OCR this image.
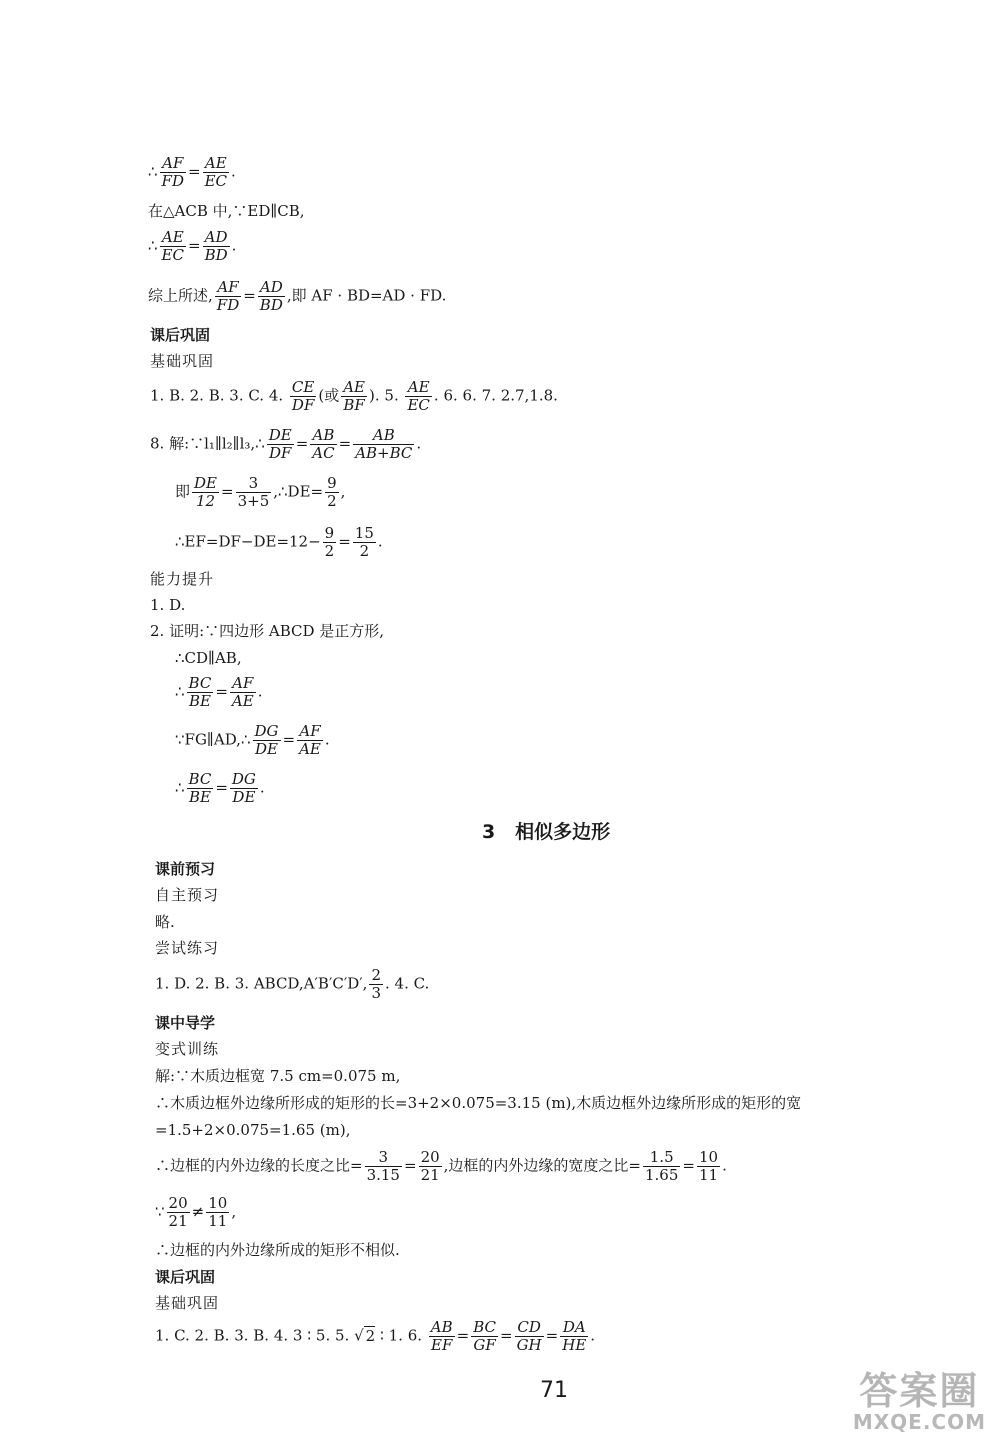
∴ $\frac{AF}{FD} = \frac{AE}{EC}$ .
在△ACB 中,∵ED∥CB,
∴ $\frac{AE}{EC} = \frac{AD}{BD}$ .
综上所述, $\frac{AF}{FD} = \frac{AD}{BD}$ ,即 AF · BD=AD · FD.
课后巩固
基础巩固
1. B. 2. B. 3. C. 4. $\frac{CE}{DF}$ (或 $\frac{AE}{BF}$ ). 5. $\frac{AE}{EC}$ . 6. 6. 7. 2.7,1.8.
8. 解:∵l₁∥l₂∥l₃,∴ $\frac{DE}{DF} = \frac{AB}{AC} = \frac{AB}{AB+BC}$ .
即 $\frac{DE}{12} = \frac{3}{3+5}$ ,∴DE= $\frac{9}{2}$ ,
∴EF=DF−DE=12− $\frac{9}{2} = \frac{15}{2}$ .
能力提升
1. D.
2. 证明:∵四边形 ABCD 是正方形,
∴CD∥AB,
∴ $\frac{BC}{BE} = \frac{AF}{AE}$ .
∵FG∥AD,∴ $\frac{DG}{DE} = \frac{AF}{AE}$ .
∴ $\frac{BC}{BE} = \frac{DG}{DE}$ .
3 相似多边形
课前预习
自主预习
略.
尝试练习
1. D. 2. B. 3. ABCD,A′B′C′D′, $\frac{2}{3}$ . 4. C.
课中导学
变式训练
解:∵木质边框宽 7.5 cm=0.075 m,
∴木质边框外边缘所形成的矩形的长=3+2×0.075=3.15 (m),木质边框外边缘所形成的矩形的宽
=1.5+2×0.075=1.65 (m),
∴边框的内外边缘的长度之比= $\frac{3}{3.15} = \frac{20}{21}$ ,边框的内外边缘的宽度之比= $\frac{1.5}{1.65} = \frac{10}{11}$ .
∵ $\frac{20}{21} \ne \frac{10}{11}$ ,
∴边框的内外边缘所成的矩形不相似.
课后巩固
基础巩固
1. C. 2. B. 3. B. 4. 3 ∶ 5. 5. √ 2 ∶ 1. 6. $\frac{AB}{EF} = \frac{BC}{GF} = \frac{CD}{GH} = \frac{DA}{HE}$ .
71	答案圈
MXQE.COM
